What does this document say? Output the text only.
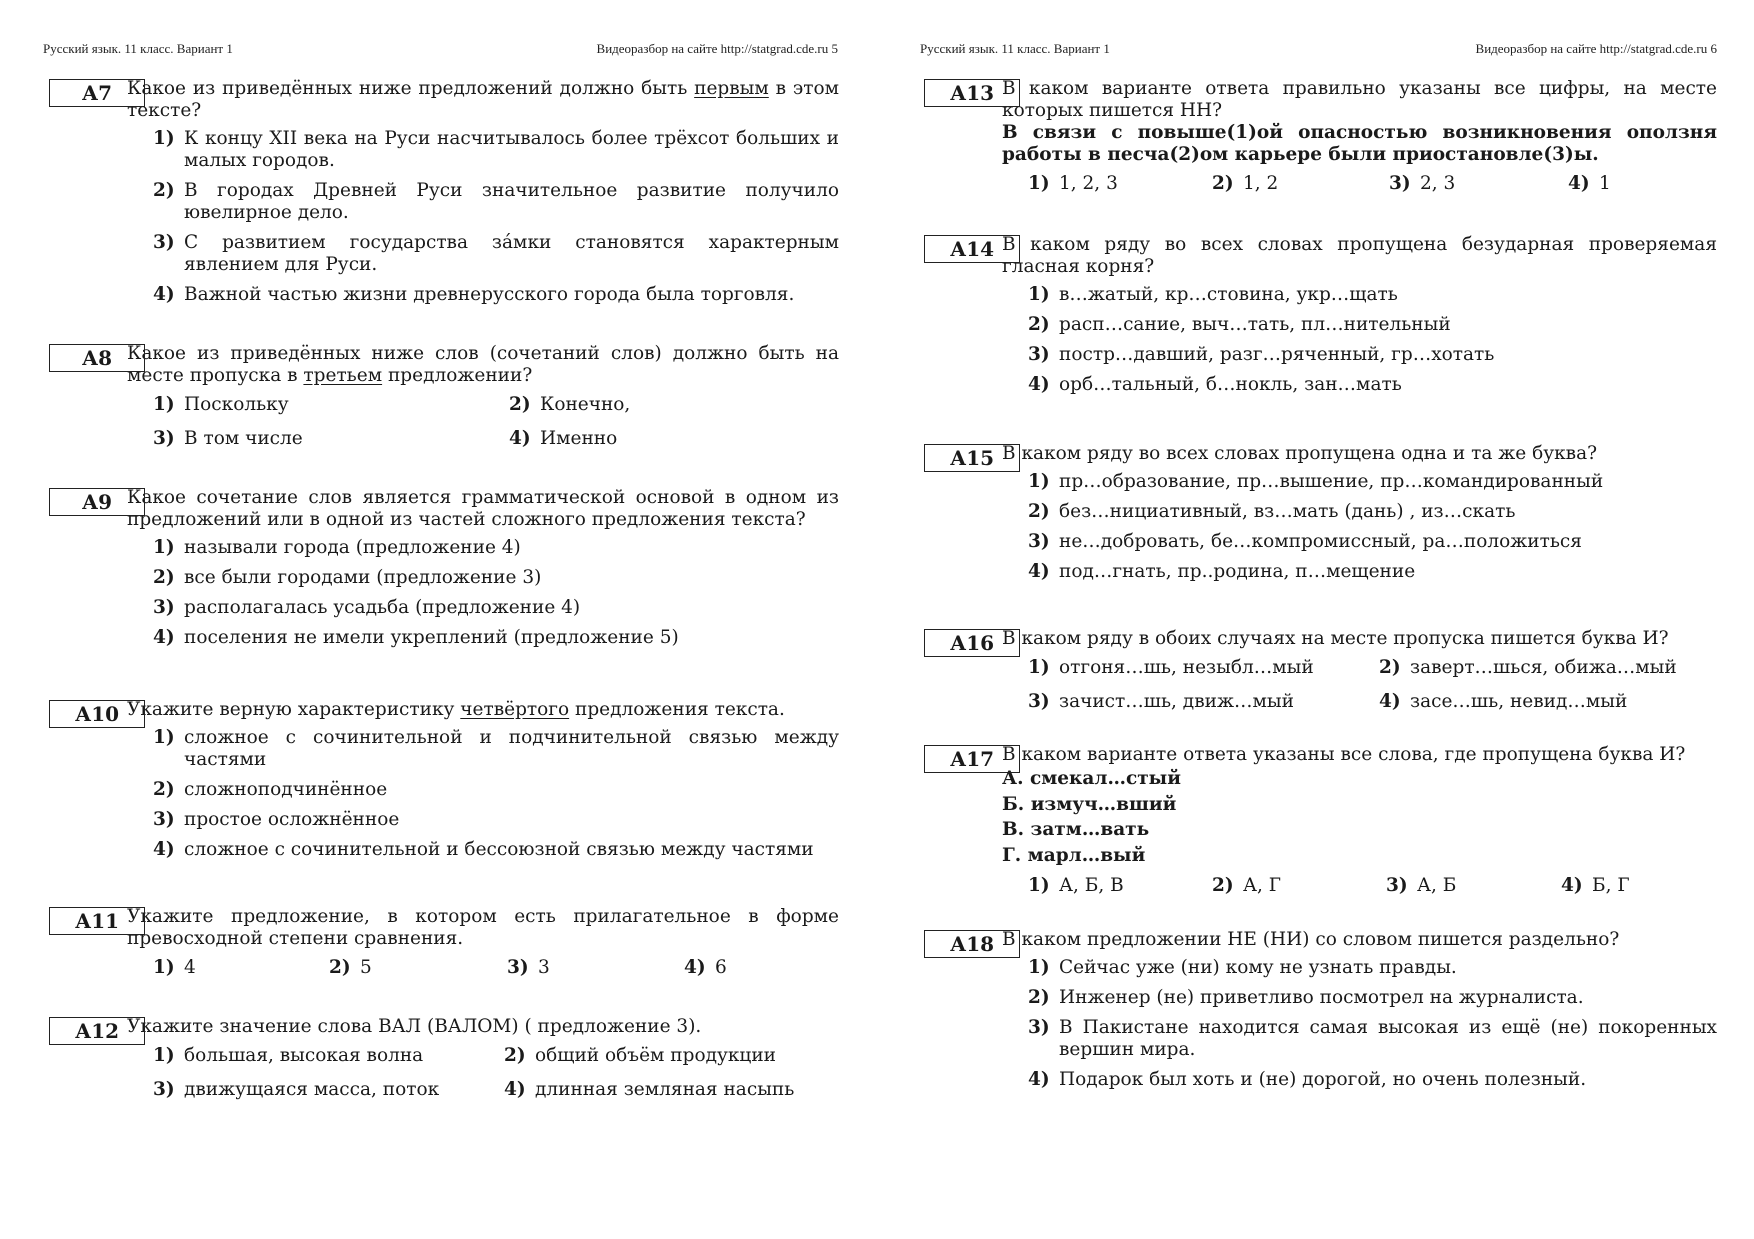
Русский язык. 11 класс. Вариант 1	Видеоразбор на сайте http://statgrad.cde.ru 5
А7 Какое из приведённых ниже предложений должно быть первым в этом тексте?
1) К концу XII века на Руси насчитывалось более трёхсот больших и малых городов.
2) В городах Древней Руси значительное развитие получило ювелирное дело.
3) С развитием государства за́мки становятся характерным явлением для Руси.
4) Важной частью жизни древнерусского города была торговля.
А8 Какое из приведённых ниже слов (сочетаний слов) должно быть на месте пропуска в третьем предложении?
1) Поскольку	2) Конечно,
3) В том числе	4) Именно
А9 Какое сочетание слов является грамматической основой в одном из предложений или в одной из частей сложного предложения текста?
1) называли города (предложение 4)
2) все были городами (предложение 3)
3) располагалась усадьба (предложение 4)
4) поселения не имели укреплений (предложение 5)
А10 Укажите верную характеристику четвёртого предложения текста.
1) сложное с сочинительной и подчинительной связью между частями
2) сложноподчинённое
3) простое осложнённое
4) сложное с сочинительной и бессоюзной связью между частями
А11 Укажите предложение, в котором есть прилагательное в форме превосходной степени сравнения.
1) 4	2) 5	3) 3	4) 6
А12 Укажите значение слова ВАЛ (ВАЛОМ) ( предложение 3).
1) большая, высокая волна	2) общий объём продукции
3) движущаяся масса, поток	4) длинная земляная насыпь
Русский язык. 11 класс. Вариант 1	Видеоразбор на сайте http://statgrad.cde.ru 6
А13 В каком варианте ответа правильно указаны все цифры, на месте которых пишется НН?
В связи с повыше(1)ой опасностью возникновения оползня работы в песча(2)ом карьере были приостановле(3)ы.
1) 1, 2, 3	2) 1, 2	3) 2, 3	4) 1
А14 В каком ряду во всех словах пропущена безударная проверяемая гласная корня?
1) в…жатый, кр…стовина, укр…щать
2) расп…сание, выч…тать, пл…нительный
3) постр…давший, разг…ряченный, гр…хотать
4) орб…тальный, б…нокль, зан…мать
А15 В каком ряду во всех словах пропущена одна и та же буква?
1) пр…образование, пр…вышение, пр…командированный
2) без…нициативный, вз…мать (дань) , из…скать
3) не…добровать, бе…компромиссный, ра…положиться
4) под…гнать, пр..родина, п…мещение
А16 В каком ряду в обоих случаях на месте пропуска пишется буква И?
1) отгоня…шь, незыбл…мый	2) заверт…шься, обижа…мый
3) зачист…шь, движ…мый	4) засе…шь, невид…мый
А17 В каком варианте ответа указаны все слова, где пропущена буква И?
А. смекал…стый
Б. измуч…вший
В. затм…вать
Г. марл…вый
1) А, Б, В	2) А, Г	3) А, Б	4) Б, Г
А18 В каком предложении НЕ (НИ) со словом пишется раздельно?
1) Сейчас уже (ни) кому не узнать правды.
2) Инженер (не) приветливо посмотрел на журналиста.
3) В Пакистане находится самая высокая из ещё (не) покоренных вершин мира.
4) Подарок был хоть и (не) дорогой, но очень полезный.
